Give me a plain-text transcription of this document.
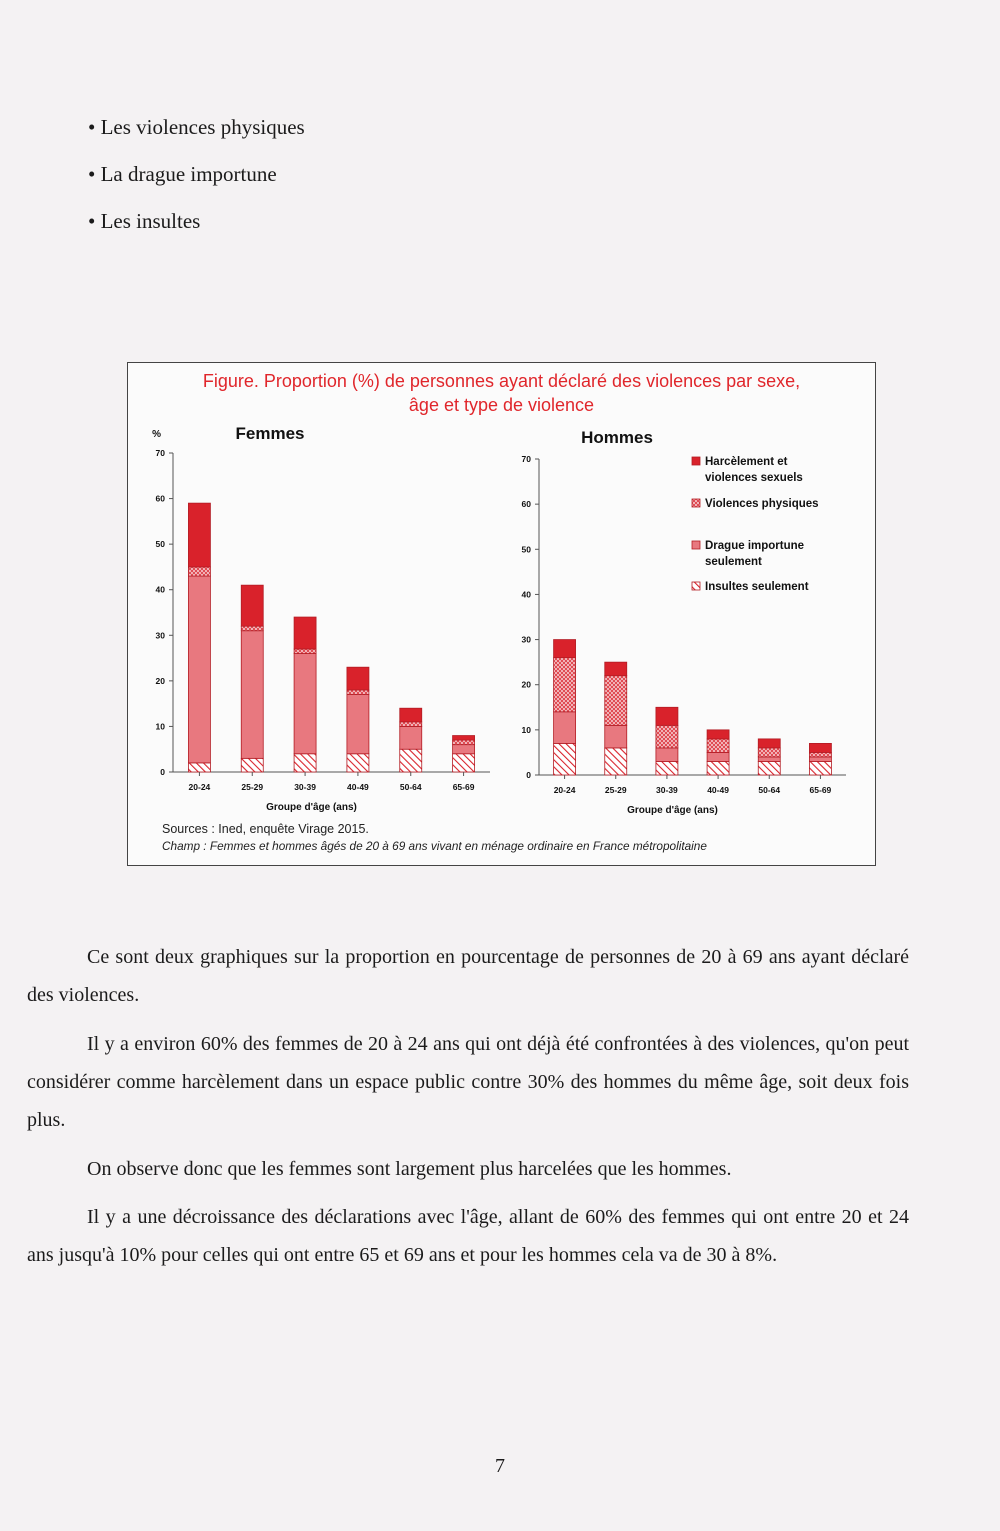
• Les violences physiques
• La drague importune
• Les insultes
Figure. Proportion (%) de personnes ayant déclaré des violences par sexe,
âge et type de violence
Femmes
%
0
10
20
30
40
50
60
70
20-24	25-29	30-39	40-49	50-64	65-69
Groupe d'âge (ans)
Hommes
0
10
20
30
40
50
60
70
20-24	25-29	30-39	40-49	50-64	65-69
Groupe d'âge (ans)
Harcèlement et
violences sexuels
Violences physiques
Drague importune
seulement
Insultes seulement
Sources : Ined, enquête Virage 2015.
Champ : Femmes et hommes âgés de 20 à 69 ans vivant en ménage ordinaire en France métropolitaine
Ce sont deux graphiques sur la proportion en pourcentage de personnes de 20 à 69 ans ayant déclaré des violences.
Il y a environ 60% des femmes de 20 à 24 ans qui ont déjà été confrontées à des violences, qu'on peut considérer comme harcèlement dans un espace public contre 30% des hommes du même âge, soit deux fois plus.
On observe donc que les femmes sont largement plus harcelées que les hommes.
Il y a une décroissance des déclarations avec l'âge, allant de 60% des femmes qui ont entre 20 et 24 ans jusqu'à 10% pour celles qui ont entre 65 et 69 ans et pour les hommes cela va de 30 à 8%.
7
